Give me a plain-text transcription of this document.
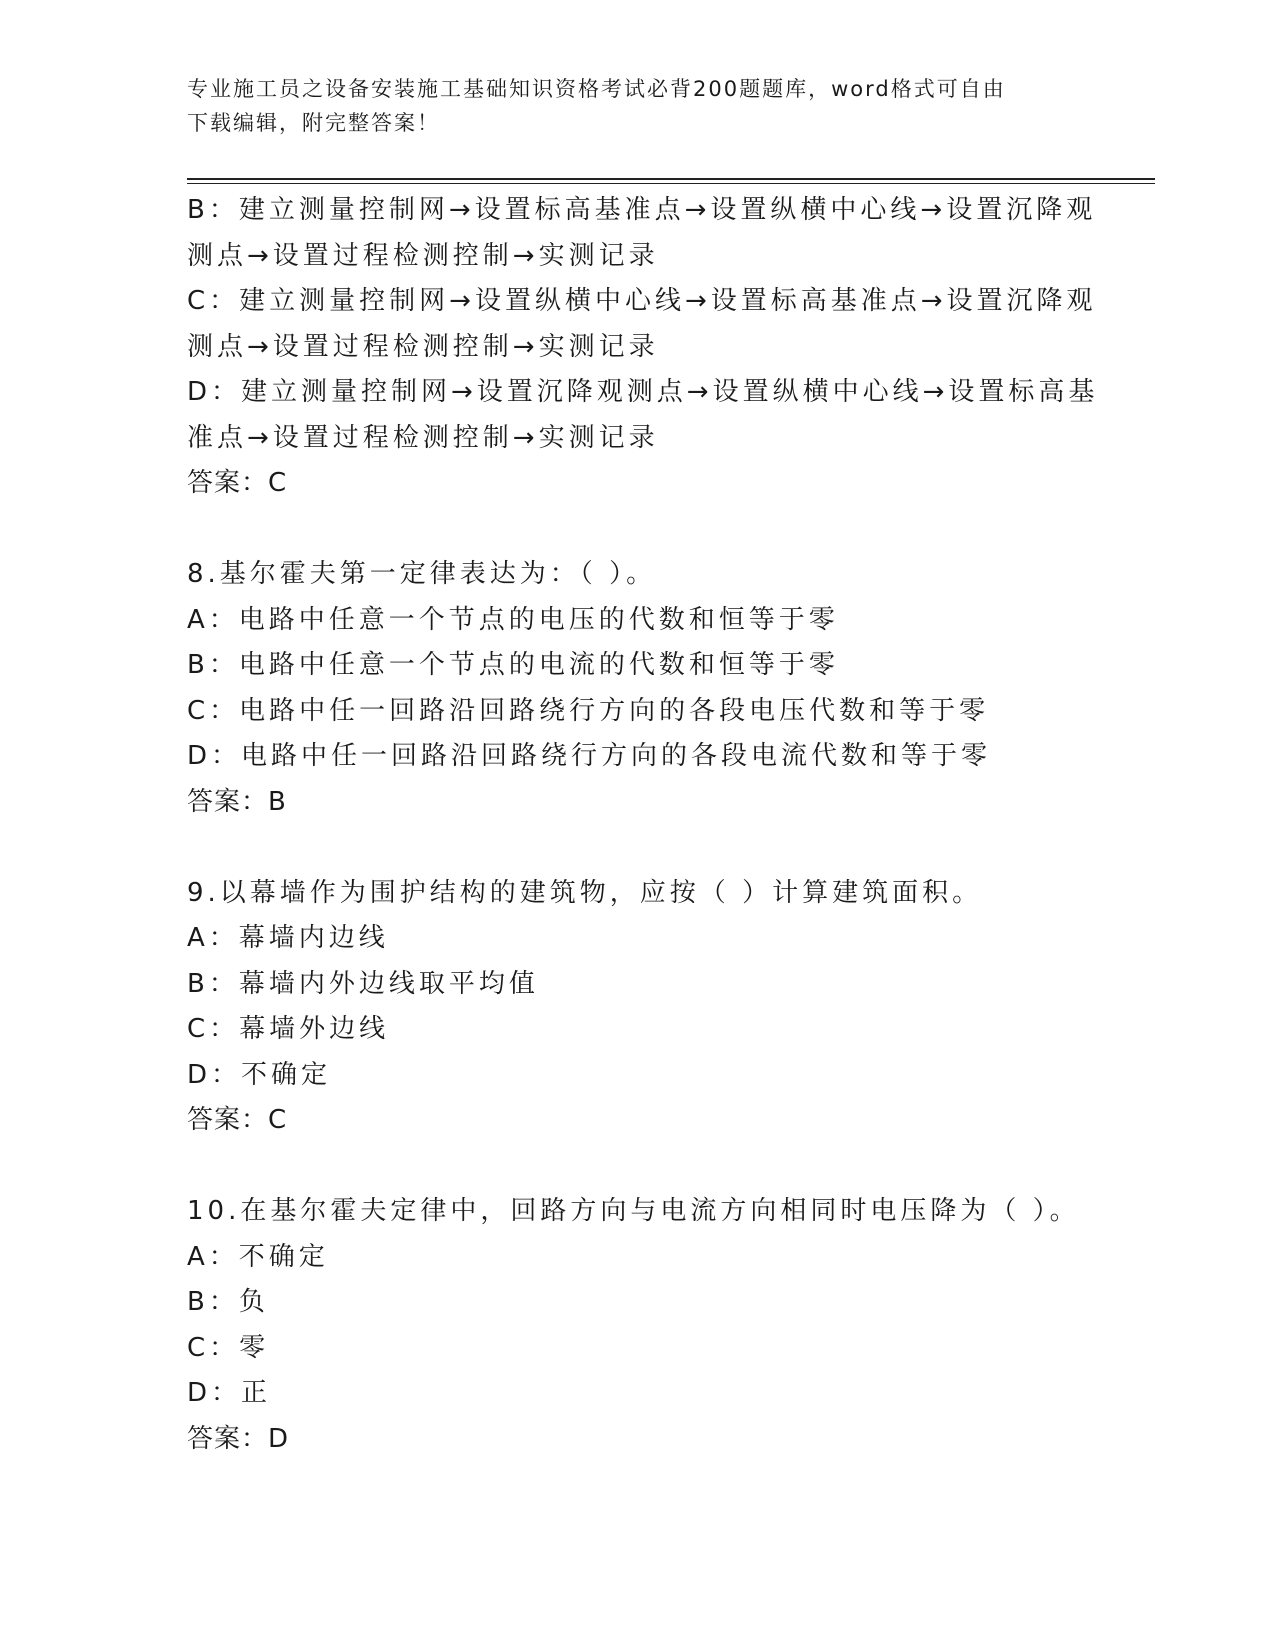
专业施工员之设备安装施工基础知识资格考试必背200题题库，word格式可自由
下载编辑，附完整答案！
B：建立测量控制网→设置标高基准点→设置纵横中心线→设置沉降观
测点→设置过程检测控制→实测记录
C：建立测量控制网→设置纵横中心线→设置标高基准点→设置沉降观
测点→设置过程检测控制→实测记录
D：建立测量控制网→设置沉降观测点→设置纵横中心线→设置标高基
准点→设置过程检测控制→实测记录
答案：C
8.基尔霍夫第一定律表达为：（ ）。
A：电路中任意一个节点的电压的代数和恒等于零
B：电路中任意一个节点的电流的代数和恒等于零
C：电路中任一回路沿回路绕行方向的各段电压代数和等于零
D：电路中任一回路沿回路绕行方向的各段电流代数和等于零
答案：B
9.以幕墙作为围护结构的建筑物，应按（ ）计算建筑面积。
A：幕墙内边线
B：幕墙内外边线取平均值
C：幕墙外边线
D：不确定
答案：C
10.在基尔霍夫定律中，回路方向与电流方向相同时电压降为（ ）。
A：不确定
B：负
C：零
D：正
答案：D
